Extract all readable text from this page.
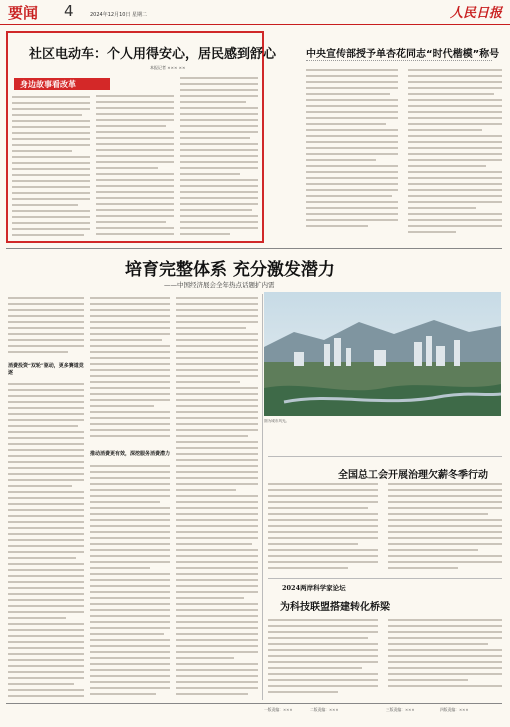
要闻 4	2024年12月10日 星期二	人民日报
社区电动车：个人用得安心，居民感到舒心
本报记者 ××× ××
身边故事看改革
中央宣传部授予单杏花同志“时代楷模”称号
培育完整体系 充分激发潜力
——中国经济展会全年热点话题扩内需
消费投资“双轮”驱动，更多赛道竞逐
推动消费更有效，深挖服务消费潜力
图为城市风光。
全国总工会开展治理欠薪冬季行动
2024两岸科学家论坛
为科技联盟搭建转化桥梁
一版责编：×××	二版责编：×××	三版责编：×××	四版责编：×××
